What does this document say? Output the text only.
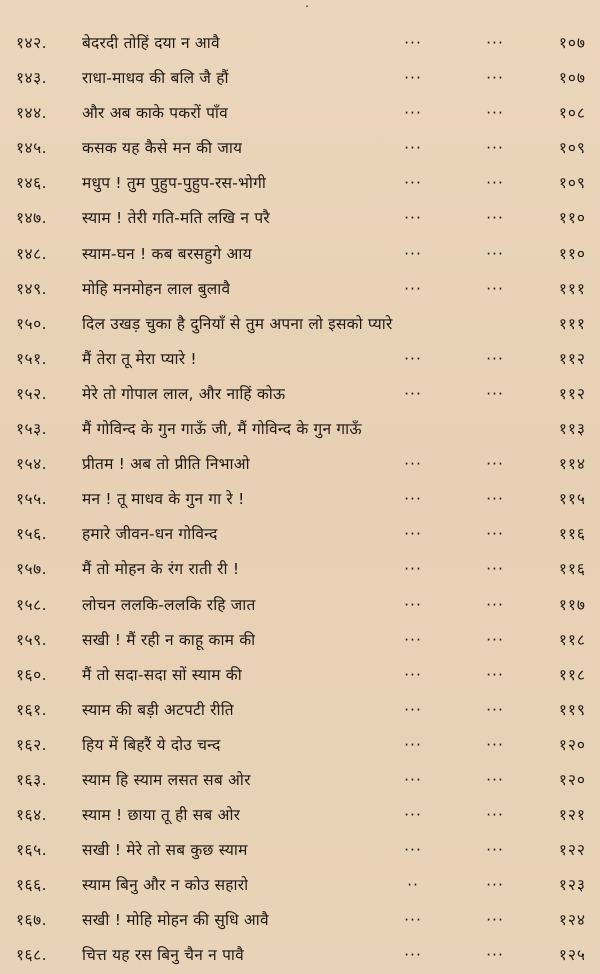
.
१४२.	बेदरदी तोहिं दया न आवै	···	···	१०७
१४३.	राधा-माधव की बलि जै हौं	···	···	१०७
१४४.	और अब काके पकरों पाँव	···	···	१०८
१४५.	कसक यह कैसे मन की जाय	···	···	१०९
१४६.	मधुप ! तुम पुहुप-पुहुप-रस-भोगी	···	···	१०९
१४७.	स्याम ! तेरी गति-मति लखि न परै	···	···	११०
१४८.	स्याम-घन ! कब बरसहुगे आय	···	···	११०
१४९.	मोहि मनमोहन लाल बुलावै	···	···	१११
१५०.	दिल उखड़ चुका है दुनियाँ से तुम अपना लो इसको प्यारे	१११
१५१.	मैं तेरा तू मेरा प्यारे !	···	···	११२
१५२.	मेरे तो गोपाल लाल, और नाहिं कोऊ	···	···	११२
१५३.	मैं गोविन्द के गुन गाऊँ जी, मैं गोविन्द के गुन गाऊँ	११३
१५४.	प्रीतम ! अब तो प्रीति निभाओ	···	···	११४
१५५.	मन ! तू माधव के गुन गा रे !	···	···	११५
१५६.	हमारे जीवन-धन गोविन्द	···	···	११६
१५७.	मैं तो मोहन के रंग राती री !	···	···	११६
१५८.	लोचन ललकि-ललकि रहि जात	···	···	११७
१५९.	सखी ! मैं रही न काहू काम की	···	···	११८
१६०.	मैं तो सदा-सदा सों स्याम की	···	···	११८
१६१.	स्याम की बड़ी अटपटी रीति	···	···	११९
१६२.	हिय में बिहरैं ये दोउ चन्द	···	···	१२०
१६३.	स्याम हि स्याम लसत सब ओर	···	···	१२०
१६४.	स्याम ! छाया तू ही सब ओर	···	···	१२१
१६५.	सखी ! मेरे तो सब कुछ स्याम	···	···	१२२
१६६.	स्याम बिनु और न कोउ सहारो	··	···	१२३
१६७.	सखी ! मोहि मोहन की सुधि आवै	···	···	१२४
१६८.	चित्त यह रस बिनु चैन न पावै	···	···	१२५
